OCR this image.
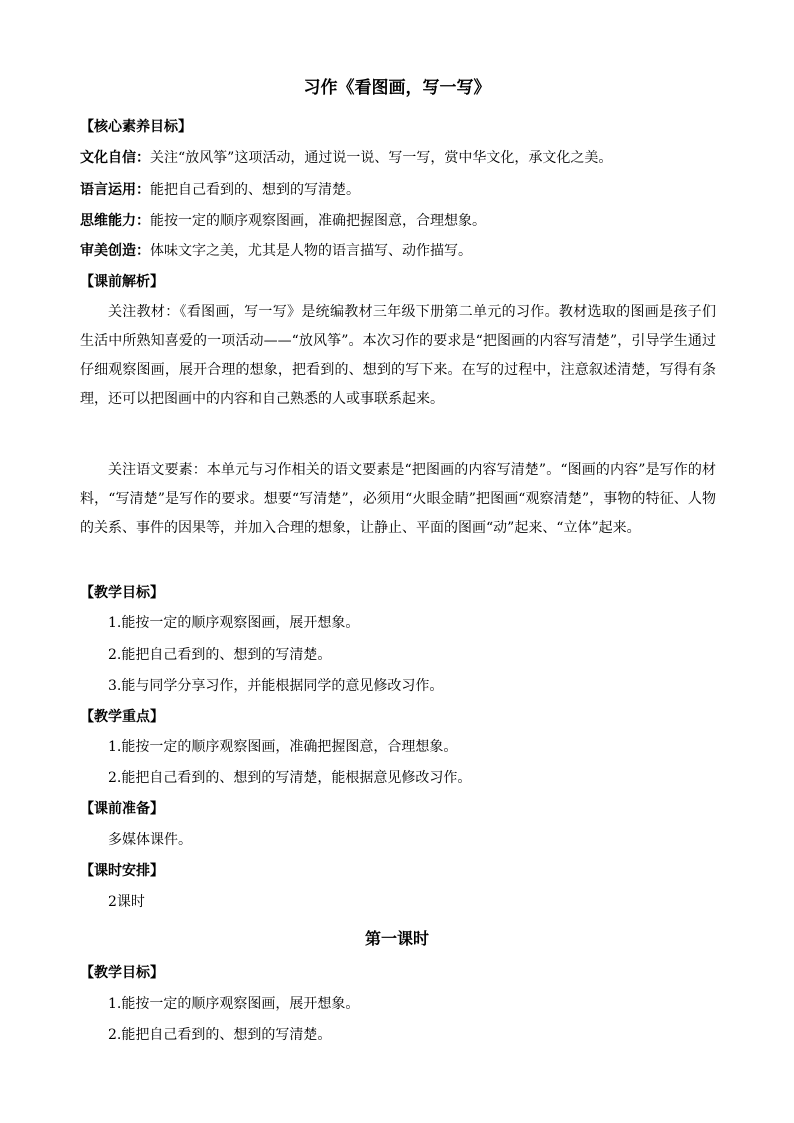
习作《看图画，写一写》
【核心素养目标】
文化自信：关注“放风筝”这项活动，通过说一说、写一写，赏中华文化，承文化之美。
语言运用：能把自己看到的、想到的写清楚。
思维能力：能按一定的顺序观察图画，准确把握图意，合理想象。
审美创造：体味文字之美，尤其是人物的语言描写、动作描写。
【课前解析】
关注教材：《看图画，写一写》是统编教材三年级下册第二单元的习作。教材选取的图画是孩子们生活中所熟知喜爱的一项活动——“放风筝”。本次习作的要求是“把图画的内容写清楚”，引导学生通过仔细观察图画，展开合理的想象，把看到的、想到的写下来。在写的过程中，注意叙述清楚，写得有条理，还可以把图画中的内容和自己熟悉的人或事联系起来。
关注语文要素：本单元与习作相关的语文要素是“把图画的内容写清楚”。“图画的内容”是写作的材料，“写清楚”是写作的要求。想要“写清楚”，必须用“火眼金睛”把图画“观察清楚”，事物的特征、人物的关系、事件的因果等，并加入合理的想象，让静止、平面的图画“动”起来、“立体”起来。
【教学目标】
1.能按一定的顺序观察图画，展开想象。
2.能把自己看到的、想到的写清楚。
3.能与同学分享习作，并能根据同学的意见修改习作。
【教学重点】
1.能按一定的顺序观察图画，准确把握图意，合理想象。
2.能把自己看到的、想到的写清楚，能根据意见修改习作。
【课前准备】
多媒体课件。
【课时安排】
2课时
第一课时
【教学目标】
1.能按一定的顺序观察图画，展开想象。
2.能把自己看到的、想到的写清楚。
